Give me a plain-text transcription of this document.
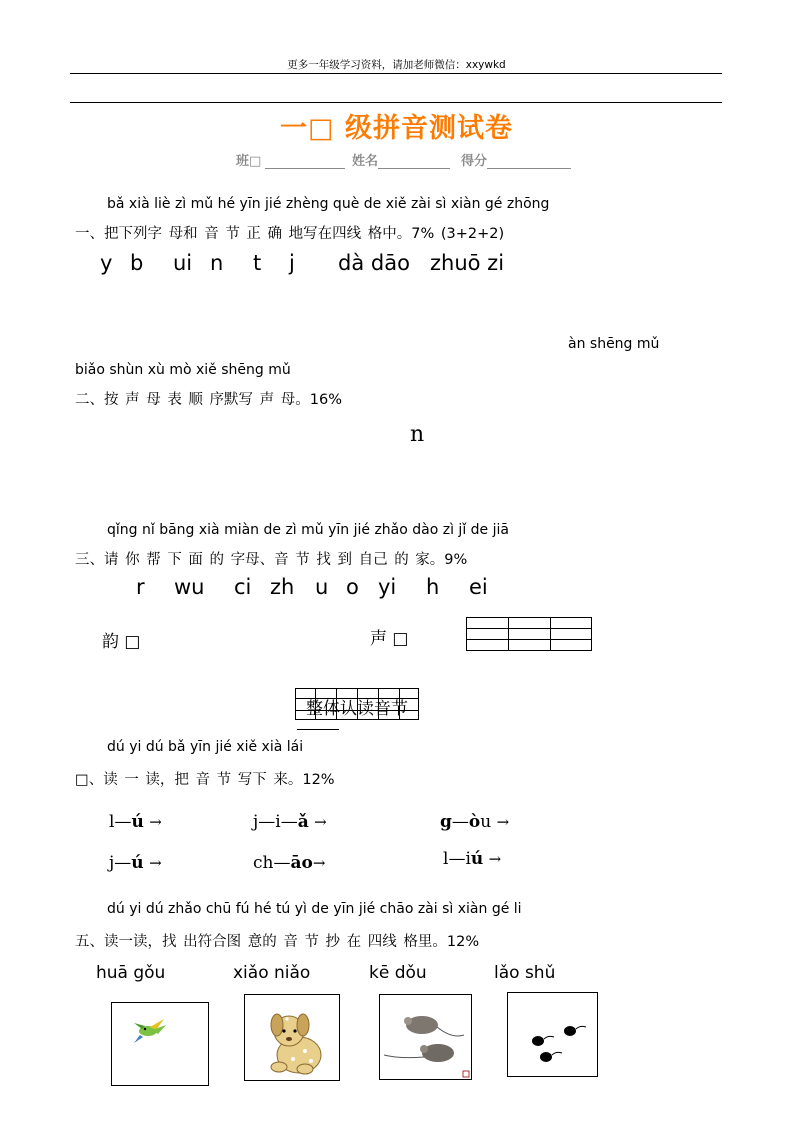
更多一年级学习资料，请加老师微信：xxywkd
一□ 级拼音测试卷
班□	姓名	得分
bǎ xià liè zì mǔ hé yīn jié zhèng què de xiě zài sì xiàn gé zhōng
一、把下列字 母和 音 节 正 确 地写在四线 格中。7% (3+2+2)
y b ui n t j dà dāo zhuō zi
àn shēng mǔ
biǎo shùn xù mò xiě shēng mǔ
二、按 声 母 表 顺 序默写 声 母。16%
n
qǐng nǐ bāng xià miàn de zì mǔ yīn jié zhǎo dào zì jǐ de jiā
三、请 你 帮 下 面 的 字母、音 节 找 到 自己 的 家。9%
r wu ci zh u o yi h ei
韵 □	声 □
整体认读音节
dú yi dú bǎ yīn jié xiě xià lái
□、读 一 读，把 音 节 写下 来。12%
l—ú →	j—i—ǎ →	g—òu →
j—ú →	ch—āo→	l—iú →
dú yi dú zhǎo chū fú hé tú yì de yīn jié chāo zài sì xiàn gé li
五、读一读，找 出符合图 意的 音 节 抄 在 四线 格里。12%
huā gǒu	xiǎo niǎo	kē dǒu	lǎo shǔ
